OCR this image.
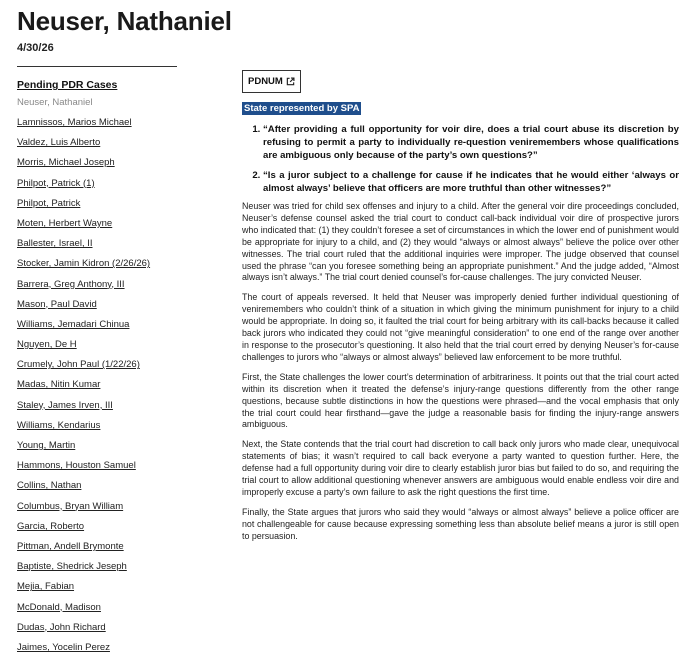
Neuser, Nathaniel
4/30/26
Pending PDR Cases
Neuser, Nathaniel
Lamnissos, Marios Michael
Valdez, Luis Alberto
Morris, Michael Joseph
Philpot, Patrick (1)
Philpot, Patrick
Moten, Herbert Wayne
Ballester, Israel, II
Stocker, Jamin Kidron (2/26/26)
Barrera, Greg Anthony, III
Mason, Paul David
Williams, Jemadari Chinua
Nguyen, De H
Crumely, John Paul (1/22/26)
Madas, Nitin Kumar
Staley, James Irven, III
Williams, Kendarius
Young, Martin
Hammons, Houston Samuel
Collins, Nathan
Columbus, Bryan William
Garcia, Roberto
Pittman, Andell Brymonte
Baptiste, Shedrick Jeseph
Mejia, Fabian
McDonald, Madison
Dudas, John Richard
Jaimes, Yocelin Perez
PDNUM
State represented by SPA
1. “After providing a full opportunity for voir dire, does a trial court abuse its discretion by refusing to permit a party to individually re-question veniremembers whose qualifications are ambiguous only because of the party’s own questions?”
2. “Is a juror subject to a challenge for cause if he indicates that he would either ‘always or almost always’ believe that officers are more truthful than other witnesses?”

Neuser was tried for child sex offenses and injury to a child. After the general voir dire proceedings concluded, Neuser’s defense counsel asked the trial court to conduct call-back individual voir dire of prospective jurors who indicated that: (1) they couldn’t foresee a set of circumstances in which the lower end of punishment would be appropriate for injury to a child, and (2) they would “always or almost always” believe the police over other witnesses. The trial court ruled that the additional inquiries were improper. The judge observed that counsel used the phrase “can you foresee something being an appropriate punishment.” And the judge added, “Almost always isn’t always.” The trial court denied counsel’s for-cause challenges. The jury convicted Neuser.

The court of appeals reversed. It held that Neuser was improperly denied further individual questioning of veniremembers who couldn’t think of a situation in which giving the minimum punishment for injury to a child would be appropriate. In doing so, it faulted the trial court for being arbitrary with its call-backs because it called back jurors who indicated they could not “give meaningful consideration” to one end of the range over another in response to the prosecutor’s questioning. It also held that the trial court erred by denying Neuser’s for-cause challenges to jurors who “always or almost always” believed law enforcement to be more truthful.

First, the State challenges the lower court’s determination of arbitrariness. It points out that the trial court acted within its discretion when it treated the defense’s injury-range questions differently from the other range questions, because subtle distinctions in how the questions were phrased—and the vocal emphasis that only the trial court could hear firsthand—gave the judge a reasonable basis for finding the injury-range answers ambiguous.

Next, the State contends that the trial court had discretion to call back only jurors who made clear, unequivocal statements of bias; it wasn’t required to call back everyone a party wanted to question further. Here, the defense had a full opportunity during voir dire to clearly establish juror bias but failed to do so, and requiring the trial court to allow additional questioning whenever answers are ambiguous would enable endless voir dire and improperly excuse a party’s own failure to ask the right questions the first time.

Finally, the State argues that jurors who said they would “always or almost always” believe a police officer are not challengeable for cause because expressing something less than absolute belief means a juror is still open to persuasion.
